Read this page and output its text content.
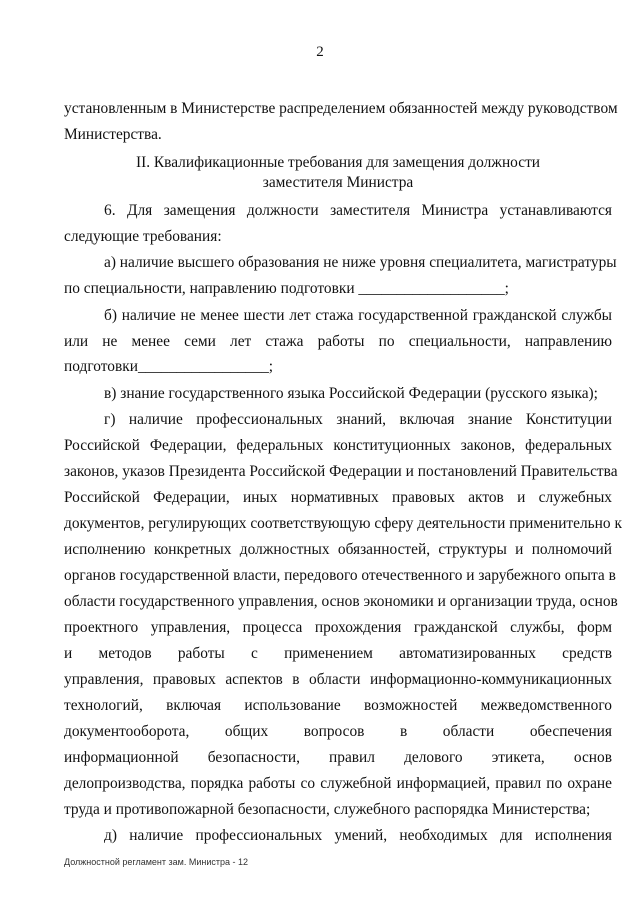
2
установленным в Министерстве распределением обязанностей между руководством
Министерства.
II. Квалификационные требования для замещения должности
заместителя Министра
6. Для замещения должности заместителя Министра устанавливаются
следующие требования:
а) наличие высшего образования не ниже уровня специалитета, магистратуры
по специальности, направлению подготовки ___________________;
б) наличие не менее шести лет стажа государственной гражданской службы
или не менее семи лет стажа работы по специальности, направлению
подготовки_________________;
в) знание государственного языка Российской Федерации (русского языка);
г) наличие профессиональных знаний, включая знание Конституции
Российской Федерации, федеральных конституционных законов, федеральных
законов, указов Президента Российской Федерации и постановлений Правительства
Российской Федерации, иных нормативных правовых актов и служебных
документов, регулирующих соответствующую сферу деятельности применительно к
исполнению конкретных должностных обязанностей, структуры и полномочий
органов государственной власти, передового отечественного и зарубежного опыта в
области государственного управления, основ экономики и организации труда, основ
проектного управления, процесса прохождения гражданской службы, форм
и методов работы с применением автоматизированных средств
управления, правовых аспектов в области информационно-коммуникационных
технологий, включая использование возможностей межведомственного
документооборота, общих вопросов в области обеспечения
информационной безопасности, правил делового этикета, основ
делопроизводства, порядка работы со служебной информацией, правил по охране
труда и противопожарной безопасности, служебного распорядка Министерства;
д) наличие профессиональных умений, необходимых для исполнения
Должностной регламент зам. Министра - 12
